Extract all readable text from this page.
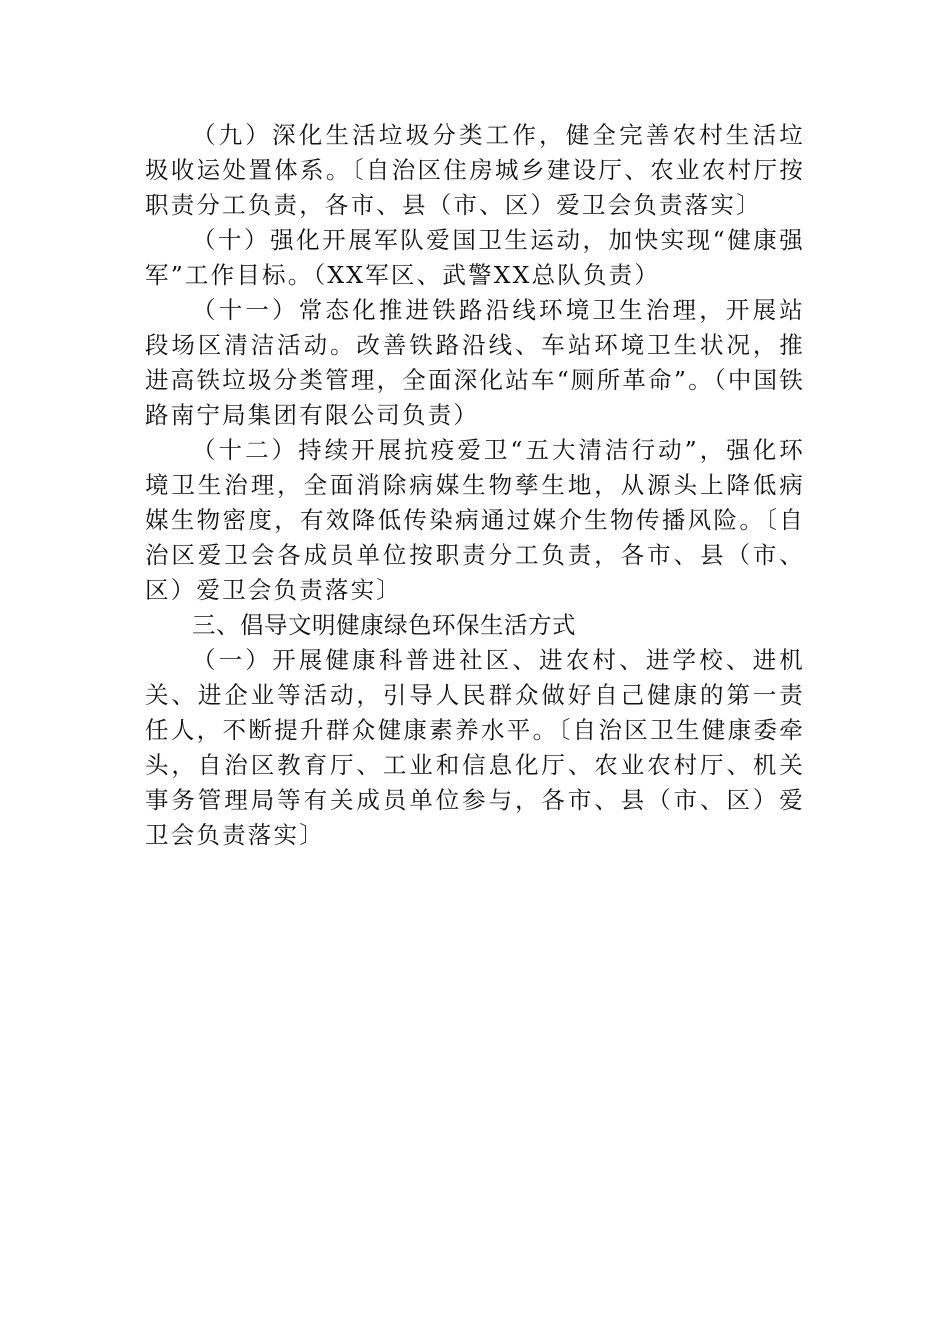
（九）深化生活垃圾分类工作，健全完善农村生活垃圾收运处置体系。〔自治区住房城乡建设厅、农业农村厅按职责分工负责，各市、县（市、区）爱卫会负责落实〕

（十）强化开展军队爱国卫生运动，加快实现“健康强军”工作目标。（XX军区、武警XX总队负责）

（十一）常态化推进铁路沿线环境卫生治理，开展站段场区清洁活动。改善铁路沿线、车站环境卫生状况，推进高铁垃圾分类管理，全面深化站车“厕所革命”。（中国铁路南宁局集团有限公司负责）

（十二）持续开展抗疫爱卫“五大清洁行动”，强化环境卫生治理，全面消除病媒生物孳生地，从源头上降低病媒生物密度，有效降低传染病通过媒介生物传播风险。〔自治区爱卫会各成员单位按职责分工负责，各市、县（市、区）爱卫会负责落实〕

三、倡导文明健康绿色环保生活方式

（一）开展健康科普进社区、进农村、进学校、进机关、进企业等活动，引导人民群众做好自己健康的第一责任人，不断提升群众健康素养水平。〔自治区卫生健康委牵头，自治区教育厅、工业和信息化厅、农业农村厅、机关事务管理局等有关成员单位参与，各市、县（市、区）爱卫会负责落实〕
